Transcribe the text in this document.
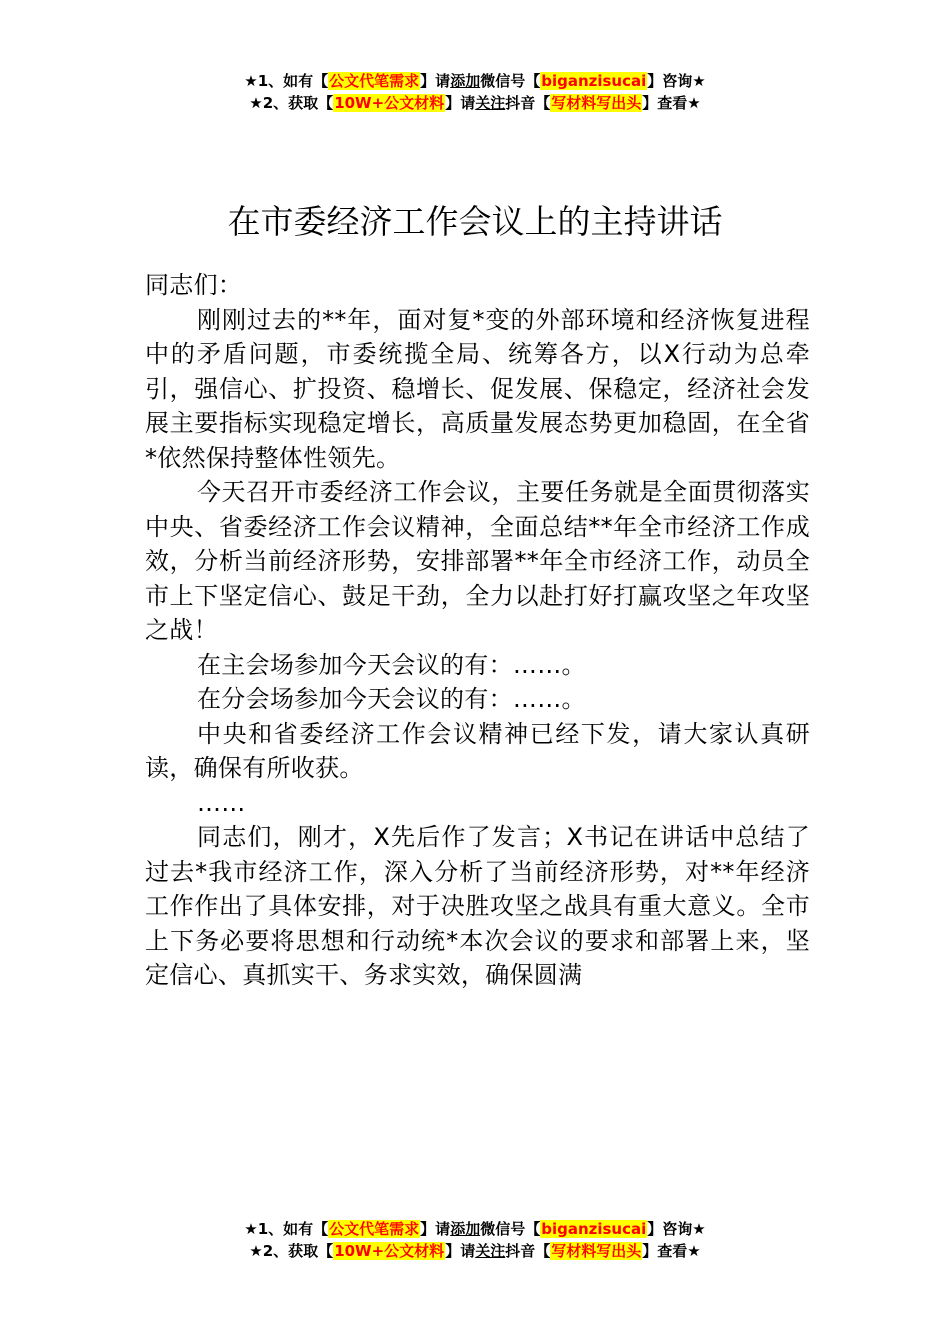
★1、如有【公文代笔需求】请添加微信号【biganzisucai】咨询★
★2、获取【10W+公文材料】请关注抖音【写材料写出头】查看★
在市委经济工作会议上的主持讲话

同志们：

刚刚过去的**年，面对复*变的外部环境和经济恢复进程中的矛盾问题，市委统揽全局、统筹各方，以X行动为总牵引，强信心、扩投资、稳增长、促发展、保稳定，经济社会发展主要指标实现稳定增长，高质量发展态势更加稳固，在全省*依然保持整体性领先。

今天召开市委经济工作会议，主要任务就是全面贯彻落实中央、省委经济工作会议精神，全面总结**年全市经济工作成效，分析当前经济形势，安排部署**年全市经济工作，动员全市上下坚定信心、鼓足干劲，全力以赴打好打赢攻坚之年攻坚之战！

在主会场参加今天会议的有：……。

在分会场参加今天会议的有：……。

中央和省委经济工作会议精神已经下发，请大家认真研读，确保有所收获。

……

同志们，刚才，X先后作了发言；X书记在讲话中总结了过去*我市经济工作，深入分析了当前经济形势，对**年经济工作作出了具体安排，对于决胜攻坚之战具有重大意义。全市上下务必要将思想和行动统*本次会议的要求和部署上来，坚定信心、真抓实干、务求实效，确保圆满

★1、如有【公文代笔需求】请添加微信号【biganzisucai】咨询★
★2、获取【10W+公文材料】请关注抖音【写材料写出头】查看★
